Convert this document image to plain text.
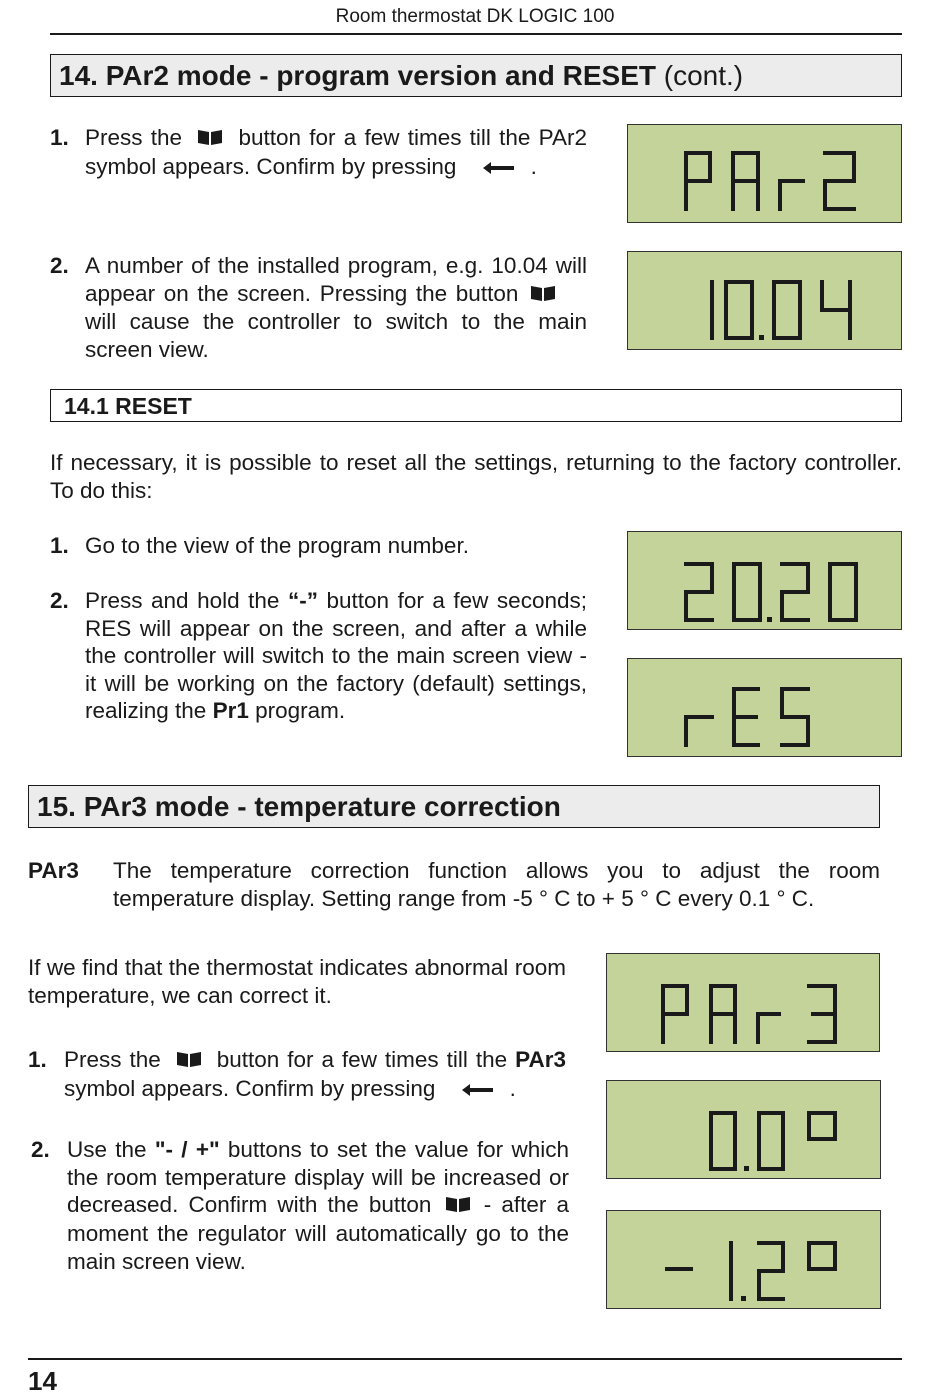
Room thermostat DK LOGIC 100
14. PAr2 mode - program version and RESET (cont.)
1. Press the	button for a few times till the PAr2 symbol appears. Confirm by pressing	.
2. A number of the installed program, e.g. 10.04 will appear on the screen. Pressing the button  will cause the controller to switch to the main screen view.
14.1 RESET
If necessary, it is possible to reset all the settings, returning to the factory controller. To do this:
1. Go to the view of the program number.
2. Press and hold the “-” button for a few seconds; RES will appear on the screen, and after a while the controller will switch to the main screen view - it will be working on the factory (default) settings, realizing the Pr1 program.
15. PAr3 mode - temperature correction
PAr3 The temperature correction function allows you to adjust the room temperature display. Setting range from -5 ° C to + 5 ° C every 0.1 ° C.
If we find that the thermostat indicates abnormal room temperature, we can correct it.
1. Press the button for a few times till the PAr3 symbol appears. Confirm by pressing	.
2. Use the "- / +" buttons to set the value for which the room temperature display will be increased or decreased. Confirm with the button - after a moment the regulator will automatically go to the main screen view.
14
